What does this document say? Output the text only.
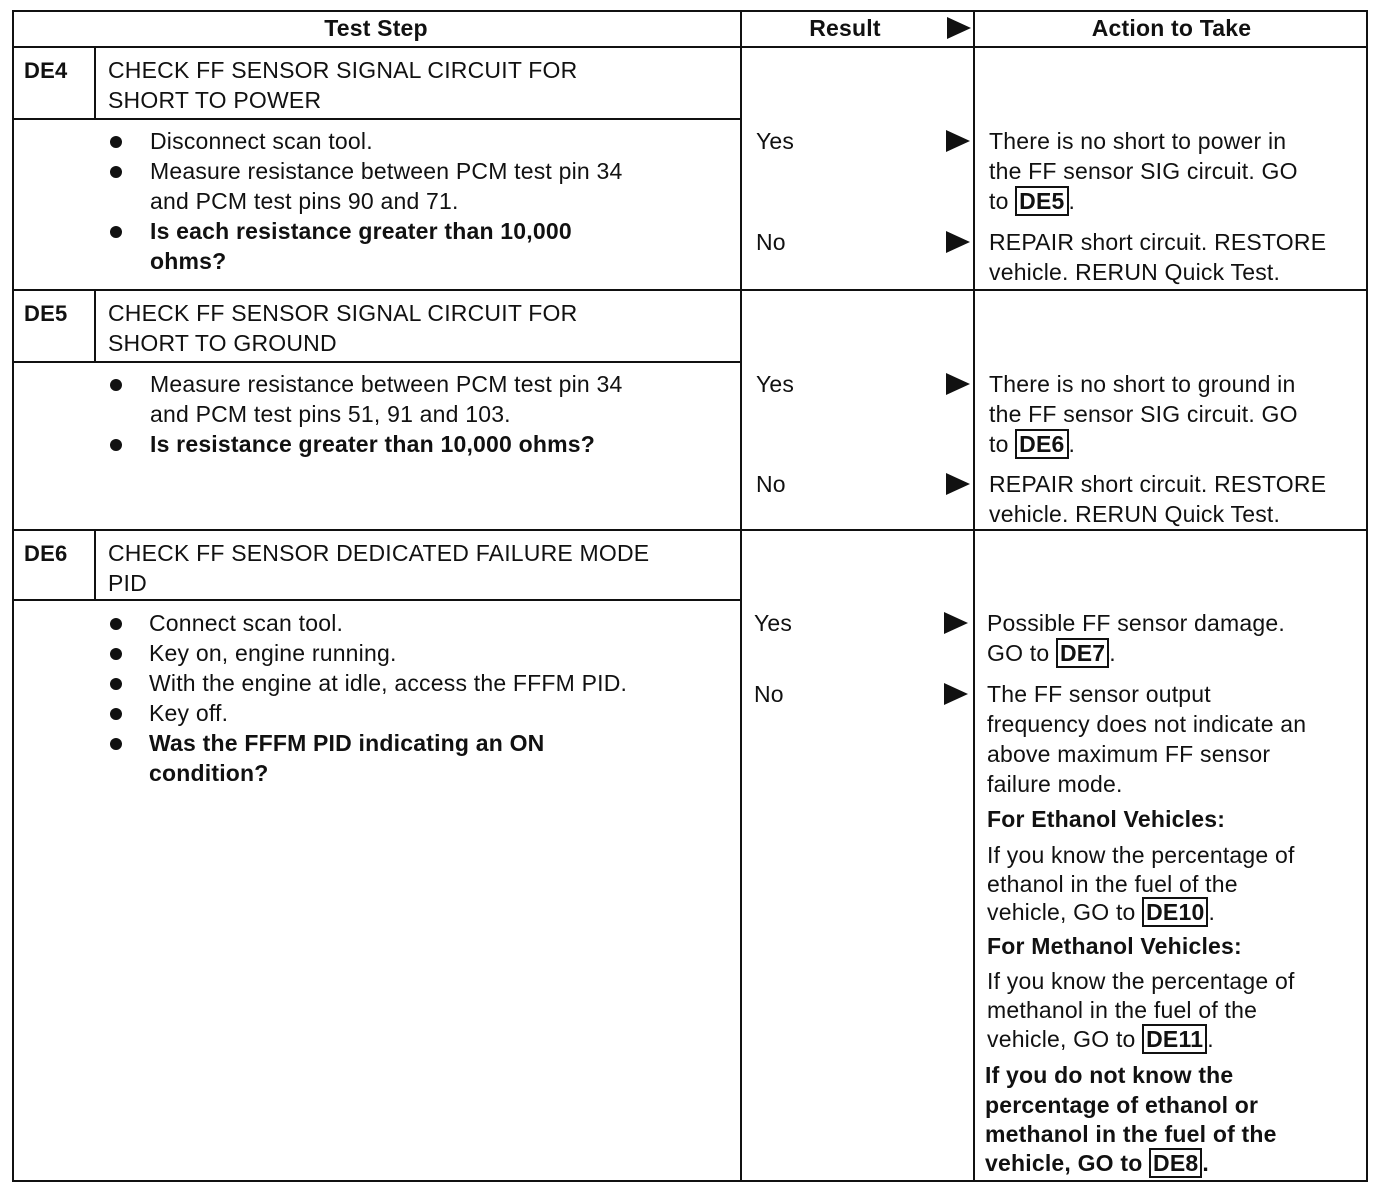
Test Step	Result	Action to Take
DE4 CHECK FF SENSOR SIGNAL CIRCUIT FOR
SHORT TO POWER
Disconnect scan tool.
Measure resistance between PCM test pin 34
and PCM test pins 90 and 71.
Is each resistance greater than 10,000
ohms?
Yes	There is no short to power in
the FF sensor SIG circuit. GO
to DE5 .
No	REPAIR short circuit. RESTORE
vehicle. RERUN Quick Test.
DE5 CHECK FF SENSOR SIGNAL CIRCUIT FOR
SHORT TO GROUND
Measure resistance between PCM test pin 34
and PCM test pins 51, 91 and 103.
Is resistance greater than 10,000 ohms?
Yes	There is no short to ground in
the FF sensor SIG circuit. GO
to DE6 .
No	REPAIR short circuit. RESTORE
vehicle. RERUN Quick Test.
DE6 CHECK FF SENSOR DEDICATED FAILURE MODE
PID
Connect scan tool.
Key on, engine running.
With the engine at idle, access the FFFM PID.
Key off.
Was the FFFM PID indicating an ON
condition?
Yes	Possible FF sensor damage.
GO to DE7 .
No	The FF sensor output
frequency does not indicate an
above maximum FF sensor
failure mode.
For Ethanol Vehicles:
If you know the percentage of
ethanol in the fuel of the
vehicle, GO to DE10 .
For Methanol Vehicles:
If you know the percentage of
methanol in the fuel of the
vehicle, GO to DE11 .
If you do not know the
percentage of ethanol or
methanol in the fuel of the
vehicle, GO to DE8 .
